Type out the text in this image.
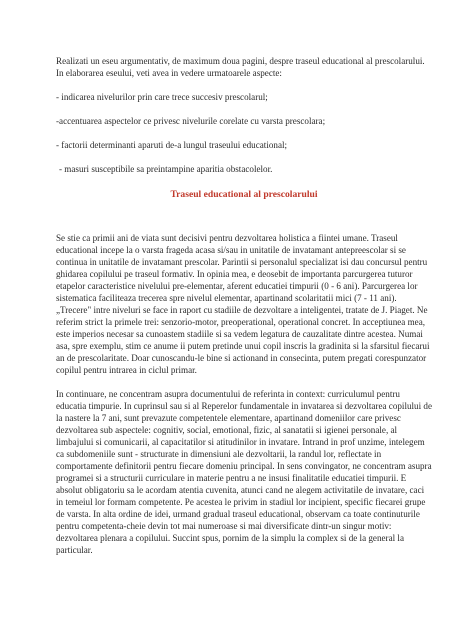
Realizati un eseu argumentativ, de maximum doua pagini, despre traseul educational al prescolarului. In elaborarea eseului, veti avea in vedere urmatoarele aspecte:

- indicarea nivelurilor prin care trece succesiv prescolarul;

-accentuarea aspectelor ce privesc nivelurile corelate cu varsta prescolara;

- factorii determinanti aparuti de-a lungul traseului educational;

- masuri susceptibile sa preintampine aparitia obstacolelor.

Traseul educational al prescolarului

Se stie ca primii ani de viata sunt decisivi pentru dezvoltarea holistica a fiintei umane. Traseul educational incepe la o varsta frageda acasa si/sau in unitatile de invatamant antepreescolar si se continua in unitatile de invatamant prescolar. Parintii si personalul specializat isi dau concursul pentru ghidarea copilului pe traseul formativ. In opinia mea, e deosebit de importanta parcurgerea tuturor etapelor caracteristice nivelului pre-elementar, aferent educatiei timpurii (0 - 6 ani). Parcurgerea lor sistematica faciliteaza trecerea spre nivelul elementar, apartinand scolaritatii mici (7 - 11 ani). „Trecere" intre niveluri se face in raport cu stadiile de dezvoltare a inteligentei, tratate de J. Piaget. Ne referim strict la primele trei: senzorio-motor, preoperational, operational concret. In acceptiunea mea, este imperios necesar sa cunoastem stadiile si sa vedem legatura de cauzalitate dintre acestea. Numai asa, spre exemplu, stim ce anume ii putem pretinde unui copil inscris la gradinita si la sfarsitul fiecarui an de prescolaritate. Doar cunoscandu-le bine si actionand in consecinta, putem pregati corespunzator copilul pentru intrarea in ciclul primar.

In continuare, ne concentram asupra documentului de referinta in context: curriculumul pentru educatia timpurie. In cuprinsul sau si al Reperelor fundamentale in invatarea si dezvoltarea copilului de la nastere la 7 ani, sunt prevazute competentele elementare, apartinand domeniilor care privesc dezvoltarea sub aspectele: cognitiv, social, emotional, fizic, al sanatatii si igienei personale, al limbajului si comunicarii, al capacitatilor si atitudinilor in invatare. Intrand in prof unzime, intelegem ca subdomeniile sunt - structurate in dimensiuni ale dezvoltarii, la randul lor, reflectate in comportamente definitorii pentru fiecare domeniu principal. In sens convingator, ne concentram asupra programei si a structurii curriculare in materie pentru a ne insusi finalitatile educatiei timpurii. E absolut obligatoriu sa le acordam atentia cuvenita, atunci cand ne alegem activitatile de invatare, caci in temeiul lor formam competente. Pe acestea le privim in stadiul lor incipient, specific fiecarei grupe de varsta. In alta ordine de idei, urmand gradual traseul educational, observam ca toate continuturile pentru competenta-cheie devin tot mai numeroase si mai diversificate dintr-un singur motiv: dezvoltarea plenara a copilului. Succint spus, pornim de la simplu la complex si de la general la particular.
